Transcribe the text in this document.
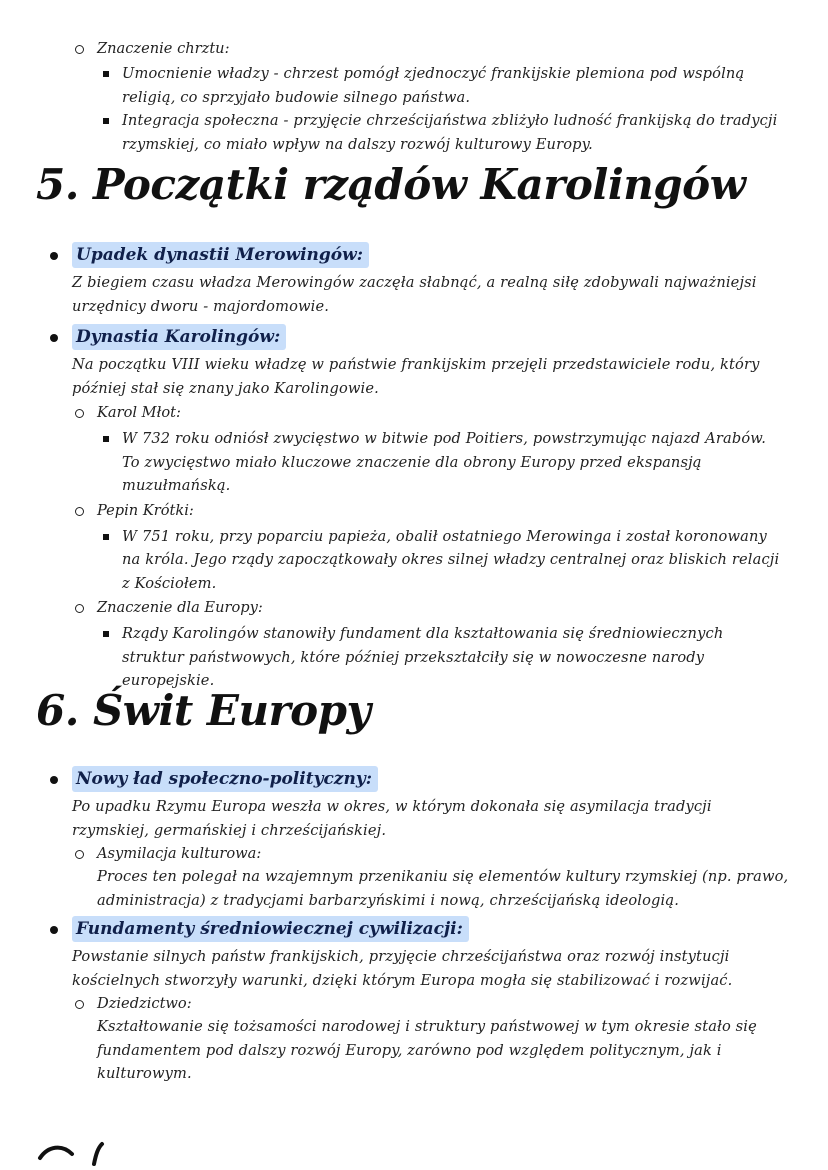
Znaczenie chrztu:
Umocnienie władzy - chrzest pomógł zjednoczyć frankijskie plemiona pod wspólną religią, co sprzyjało budowie silnego państwa.
Integracja społeczna - przyjęcie chrześcijaństwa zbliżyło ludność frankijską do tradycji rzymskiej, co miało wpływ na dalszy rozwój kulturowy Europy.
5. Początki rządów Karolingów
Upadek dynastii Merowingów:
Z biegiem czasu władza Merowingów zaczęła słabnąć, a realną siłę zdobywali najważniejsi urzędnicy dworu - majordomowie.
Dynastia Karolingów:
Na początku VIII wieku władzę w państwie frankijskim przejęli przedstawiciele rodu, który później stał się znany jako Karolingowie.
Karol Młot:
W 732 roku odniósł zwycięstwo w bitwie pod Poitiers, powstrzymując najazd Arabów. To zwycięstwo miało kluczowe znaczenie dla obrony Europy przed ekspansją muzułmańską.
Pepin Krótki:
W 751 roku, przy poparciu papieża, obalił ostatniego Merowinga i został koronowany na króla. Jego rządy zapoczątkowały okres silnej władzy centralnej oraz bliskich relacji z Kościołem.
Znaczenie dla Europy:
Rządy Karolingów stanowiły fundament dla kształtowania się średniowiecznych struktur państwowych, które później przekształciły się w nowoczesne narody europejskie.
6. Świt Europy
Nowy ład społeczno-polityczny:
Po upadku Rzymu Europa weszła w okres, w którym dokonała się asymilacja tradycji rzymskiej, germańskiej i chrześcijańskiej.
Asymilacja kulturowa:
Proces ten polegał na wzajemnym przenikaniu się elementów kultury rzymskiej (np. prawo, administracja) z tradycjami barbarzyńskimi i nową, chrześcijańską ideologią.
Fundamenty średniowiecznej cywilizacji:
Powstanie silnych państw frankijskich, przyjęcie chrześcijaństwa oraz rozwój instytucji kościelnych stworzyły warunki, dzięki którym Europa mogła się stabilizować i rozwijać.
Dziedzictwo:
Kształtowanie się tożsamości narodowej i struktury państwowej w tym okresie stało się fundamentem pod dalszy rozwój Europy, zarówno pod względem politycznym, jak i kulturowym.
